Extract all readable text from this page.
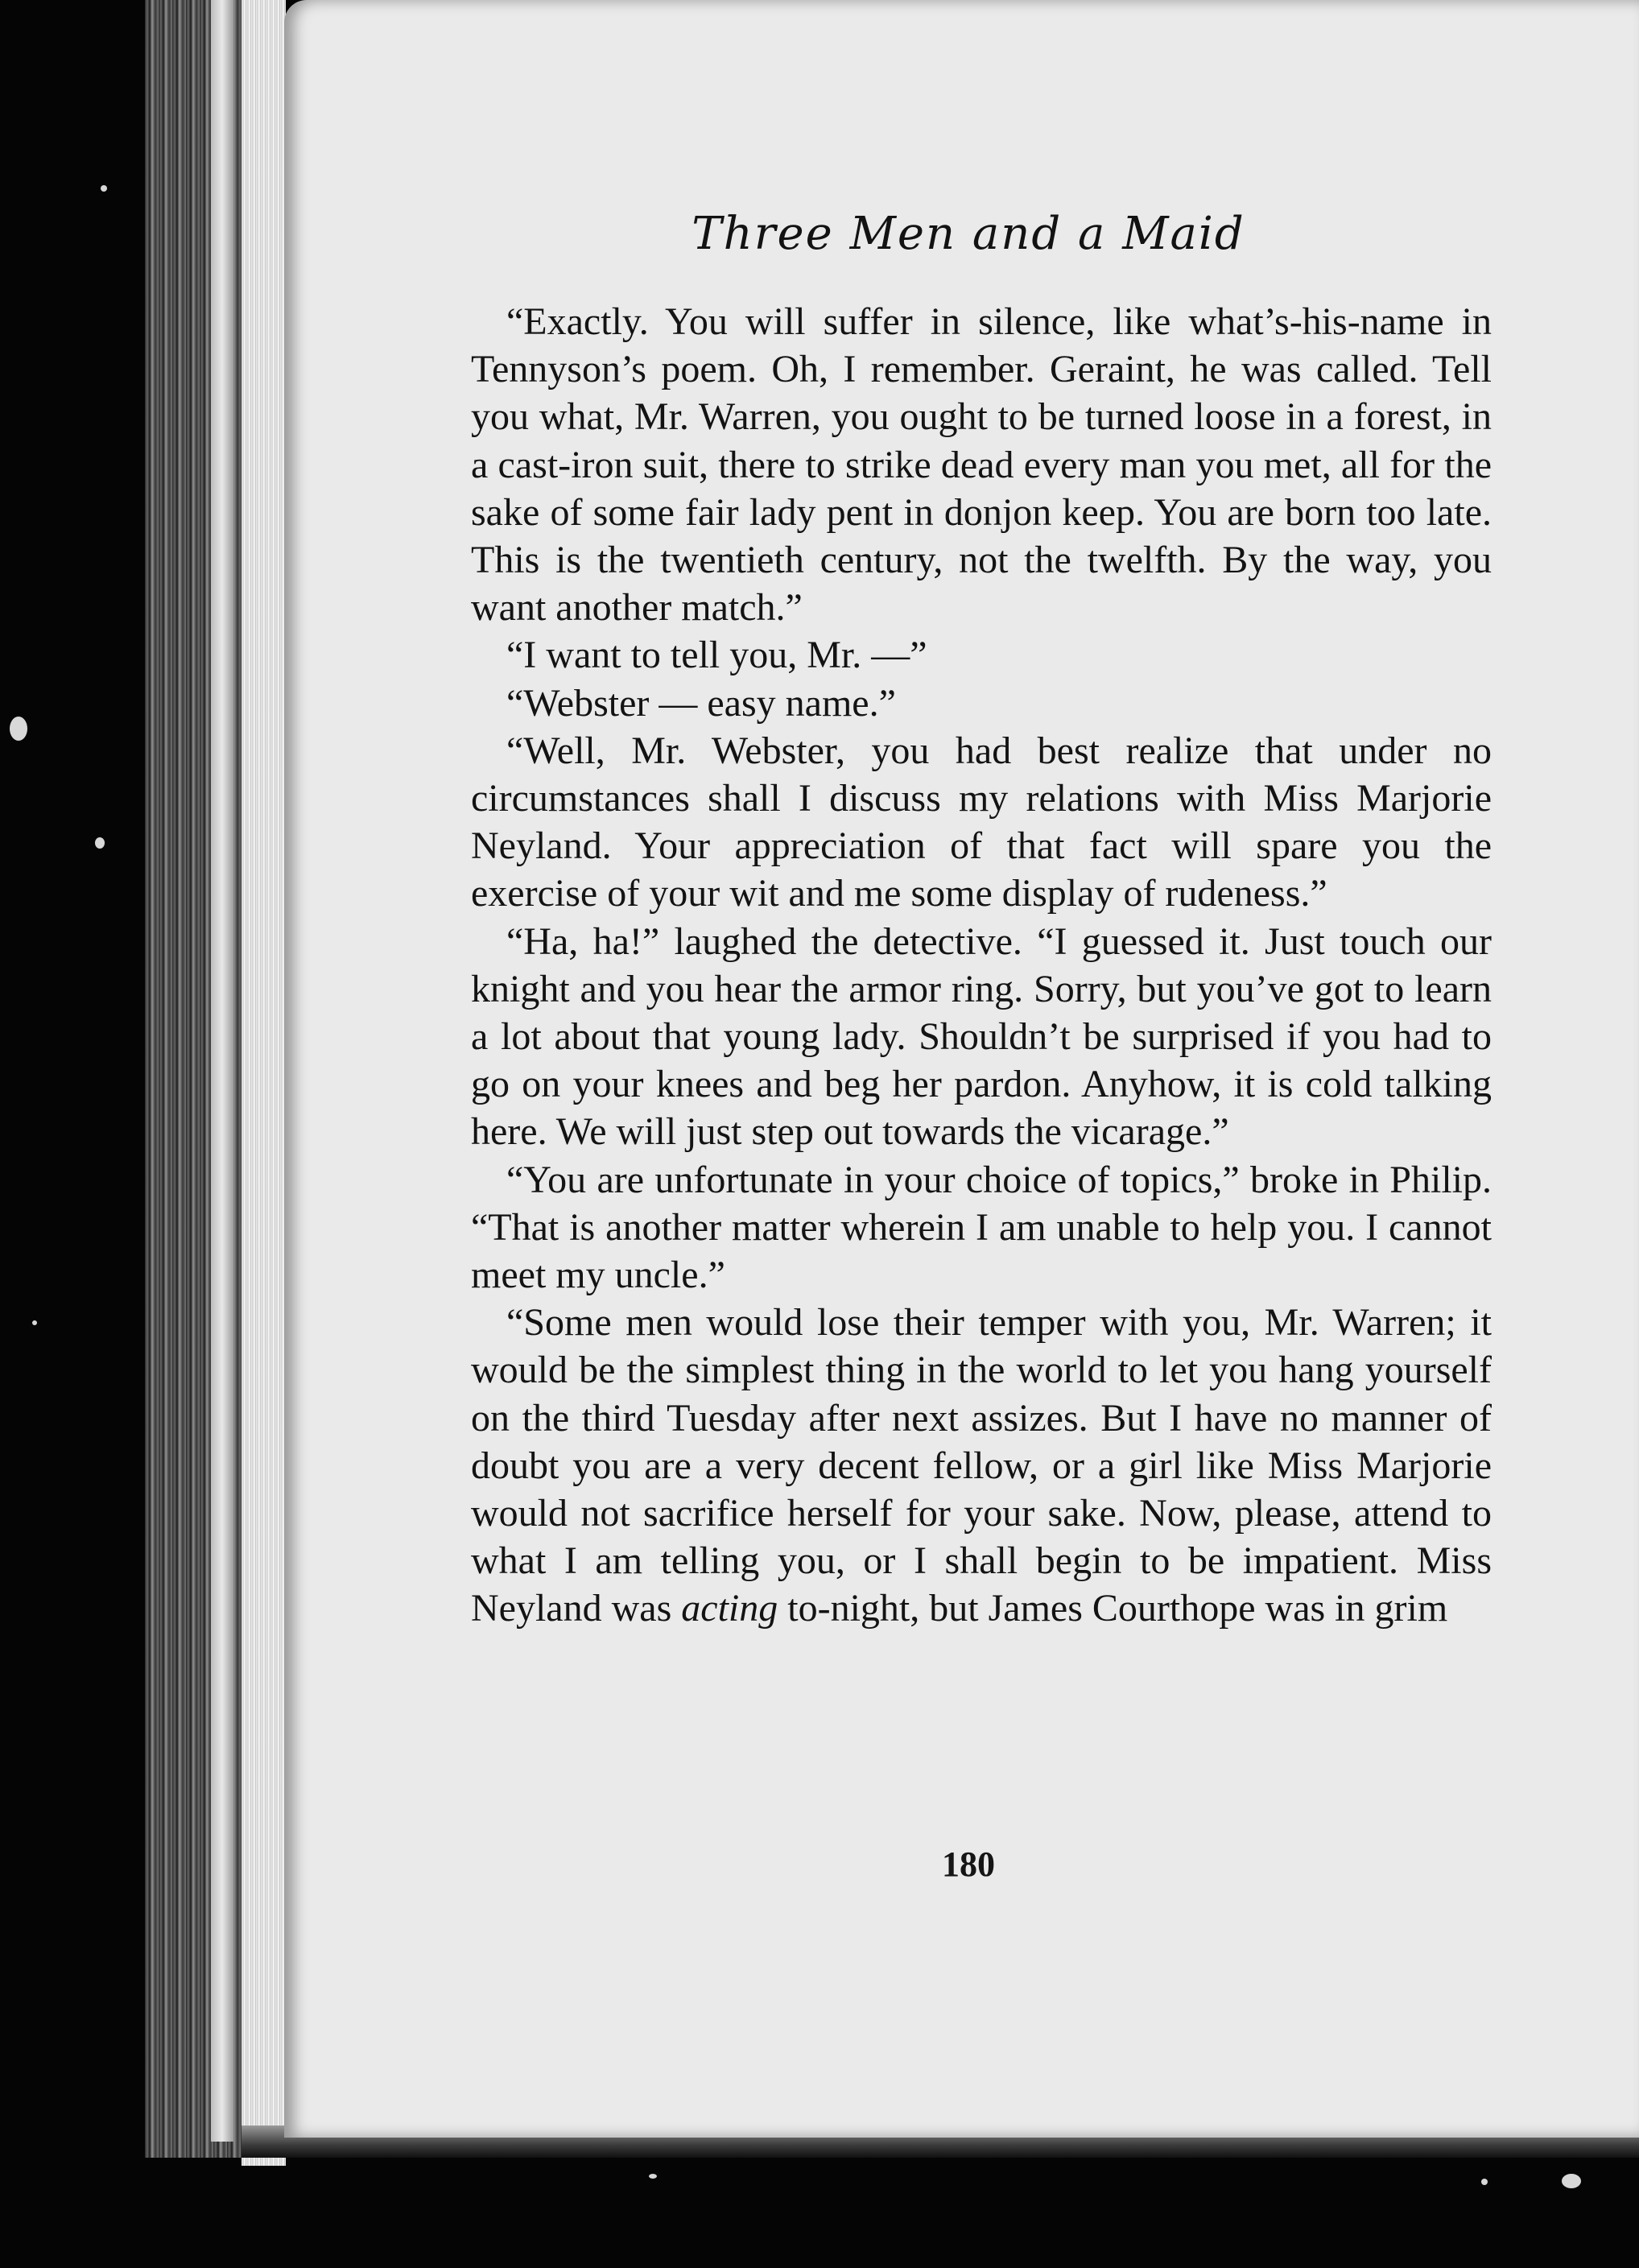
Three Men and a Maid

“Exactly. You will suffer in silence, like what’s-his-name in Tennyson’s poem. Oh, I remember. Geraint, he was called. Tell you what, Mr. Warren, you ought to be turned loose in a forest, in a cast-iron suit, there to strike dead every man you met, all for the sake of some fair lady pent in donjon keep. You are born too late. This is the twentieth century, not the twelfth. By the way, you want another match.”

“I want to tell you, Mr. —”

“Webster — easy name.”

“Well, Mr. Webster, you had best realize that under no circumstances shall I discuss my relations with Miss Marjorie Neyland. Your appreciation of that fact will spare you the exercise of your wit and me some display of rudeness.”

“Ha, ha!” laughed the detective. “I guessed it. Just touch our knight and you hear the armor ring. Sorry, but you’ve got to learn a lot about that young lady. Shouldn’t be surprised if you had to go on your knees and beg her pardon. Anyhow, it is cold talking here. We will just step out towards the vicarage.”

“You are unfortunate in your choice of topics,” broke in Philip. “That is another matter wherein I am unable to help you. I cannot meet my uncle.”

“Some men would lose their temper with you, Mr. Warren; it would be the simplest thing in the world to let you hang yourself on the third Tuesday after next assizes. But I have no manner of doubt you are a very decent fellow, or a girl like Miss Marjorie would not sacrifice herself for your sake. Now, please, attend to what I am telling you, or I shall begin to be impatient. Miss Neyland was acting to-night, but James Courthope was in grim

180
